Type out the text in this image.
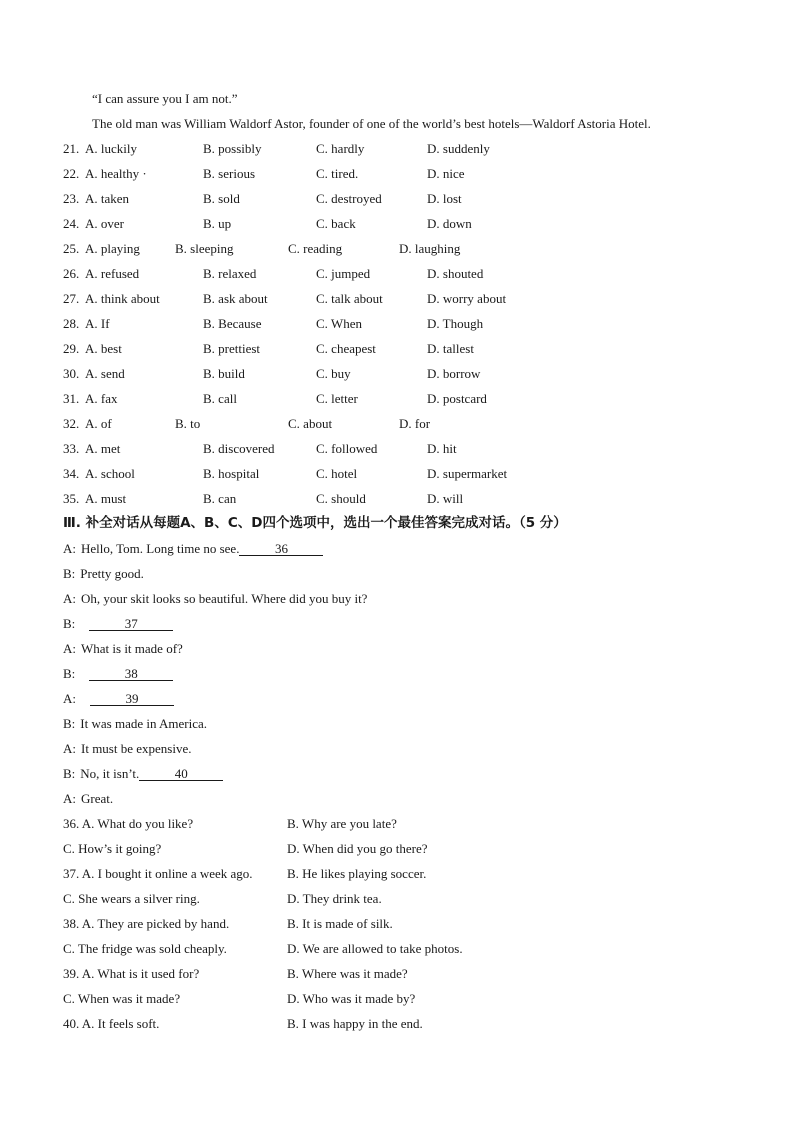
“I can assure you I am not.”
The old man was William Waldorf Astor, founder of one of the world’s best hotels—Waldorf Astoria Hotel.
21. A. luckily	B. possibly	C. hardly	D. suddenly
22. A. healthy ·	B. serious	C. tired.	D. nice
23. A. taken	B. sold	C. destroyed	D. lost
24. A. over	B. up	C. back	D. down
25. A. playing	B. sleeping	C. reading	D. laughing
26. A. refused	B. relaxed	C. jumped	D. shouted
27. A. think about	B. ask about	C. talk about	D. worry about
28. A. If	B. Because	C. When	D. Though
29. A. best	B. prettiest	C. cheapest	D. tallest
30. A. send	B. build	C. buy	D. borrow
31. A. fax	B. call	C. letter	D. postcard
32. A. of	B. to	C. about	D. for
33. A. met	B. discovered	C. followed	D. hit
34. A. school	B. hospital	C. hotel	D. supermarket
35. A. must	B. can	C. should	D. will
Ⅲ. 补全对话从每题A、B、C、D四个选项中，选出一个最佳答案完成对话。（5 分）
A: Hello, Tom. Long time no see.	36
B: Pretty good.
A: Oh, your skit looks so beautiful. Where did you buy it?
B:	37
A: What is it made of?
B:	38
A:	39
B: It was made in America.
A: It must be expensive.
B: No, it isn’t.	40
A: Great.
36. A. What do you like?	B. Why are you late?
C. How’s it going?	D. When did you go there?
37. A. I bought it online a week ago.	B. He likes playing soccer.
C. She wears a silver ring.	D. They drink tea.
38. A. They are picked by hand.	B. It is made of silk.
C. The fridge was sold cheaply.	D. We are allowed to take photos.
39. A. What is it used for?	B. Where was it made?
C. When was it made?	D. Who was it made by?
40. A. It feels soft.	B. I was happy in the end.
